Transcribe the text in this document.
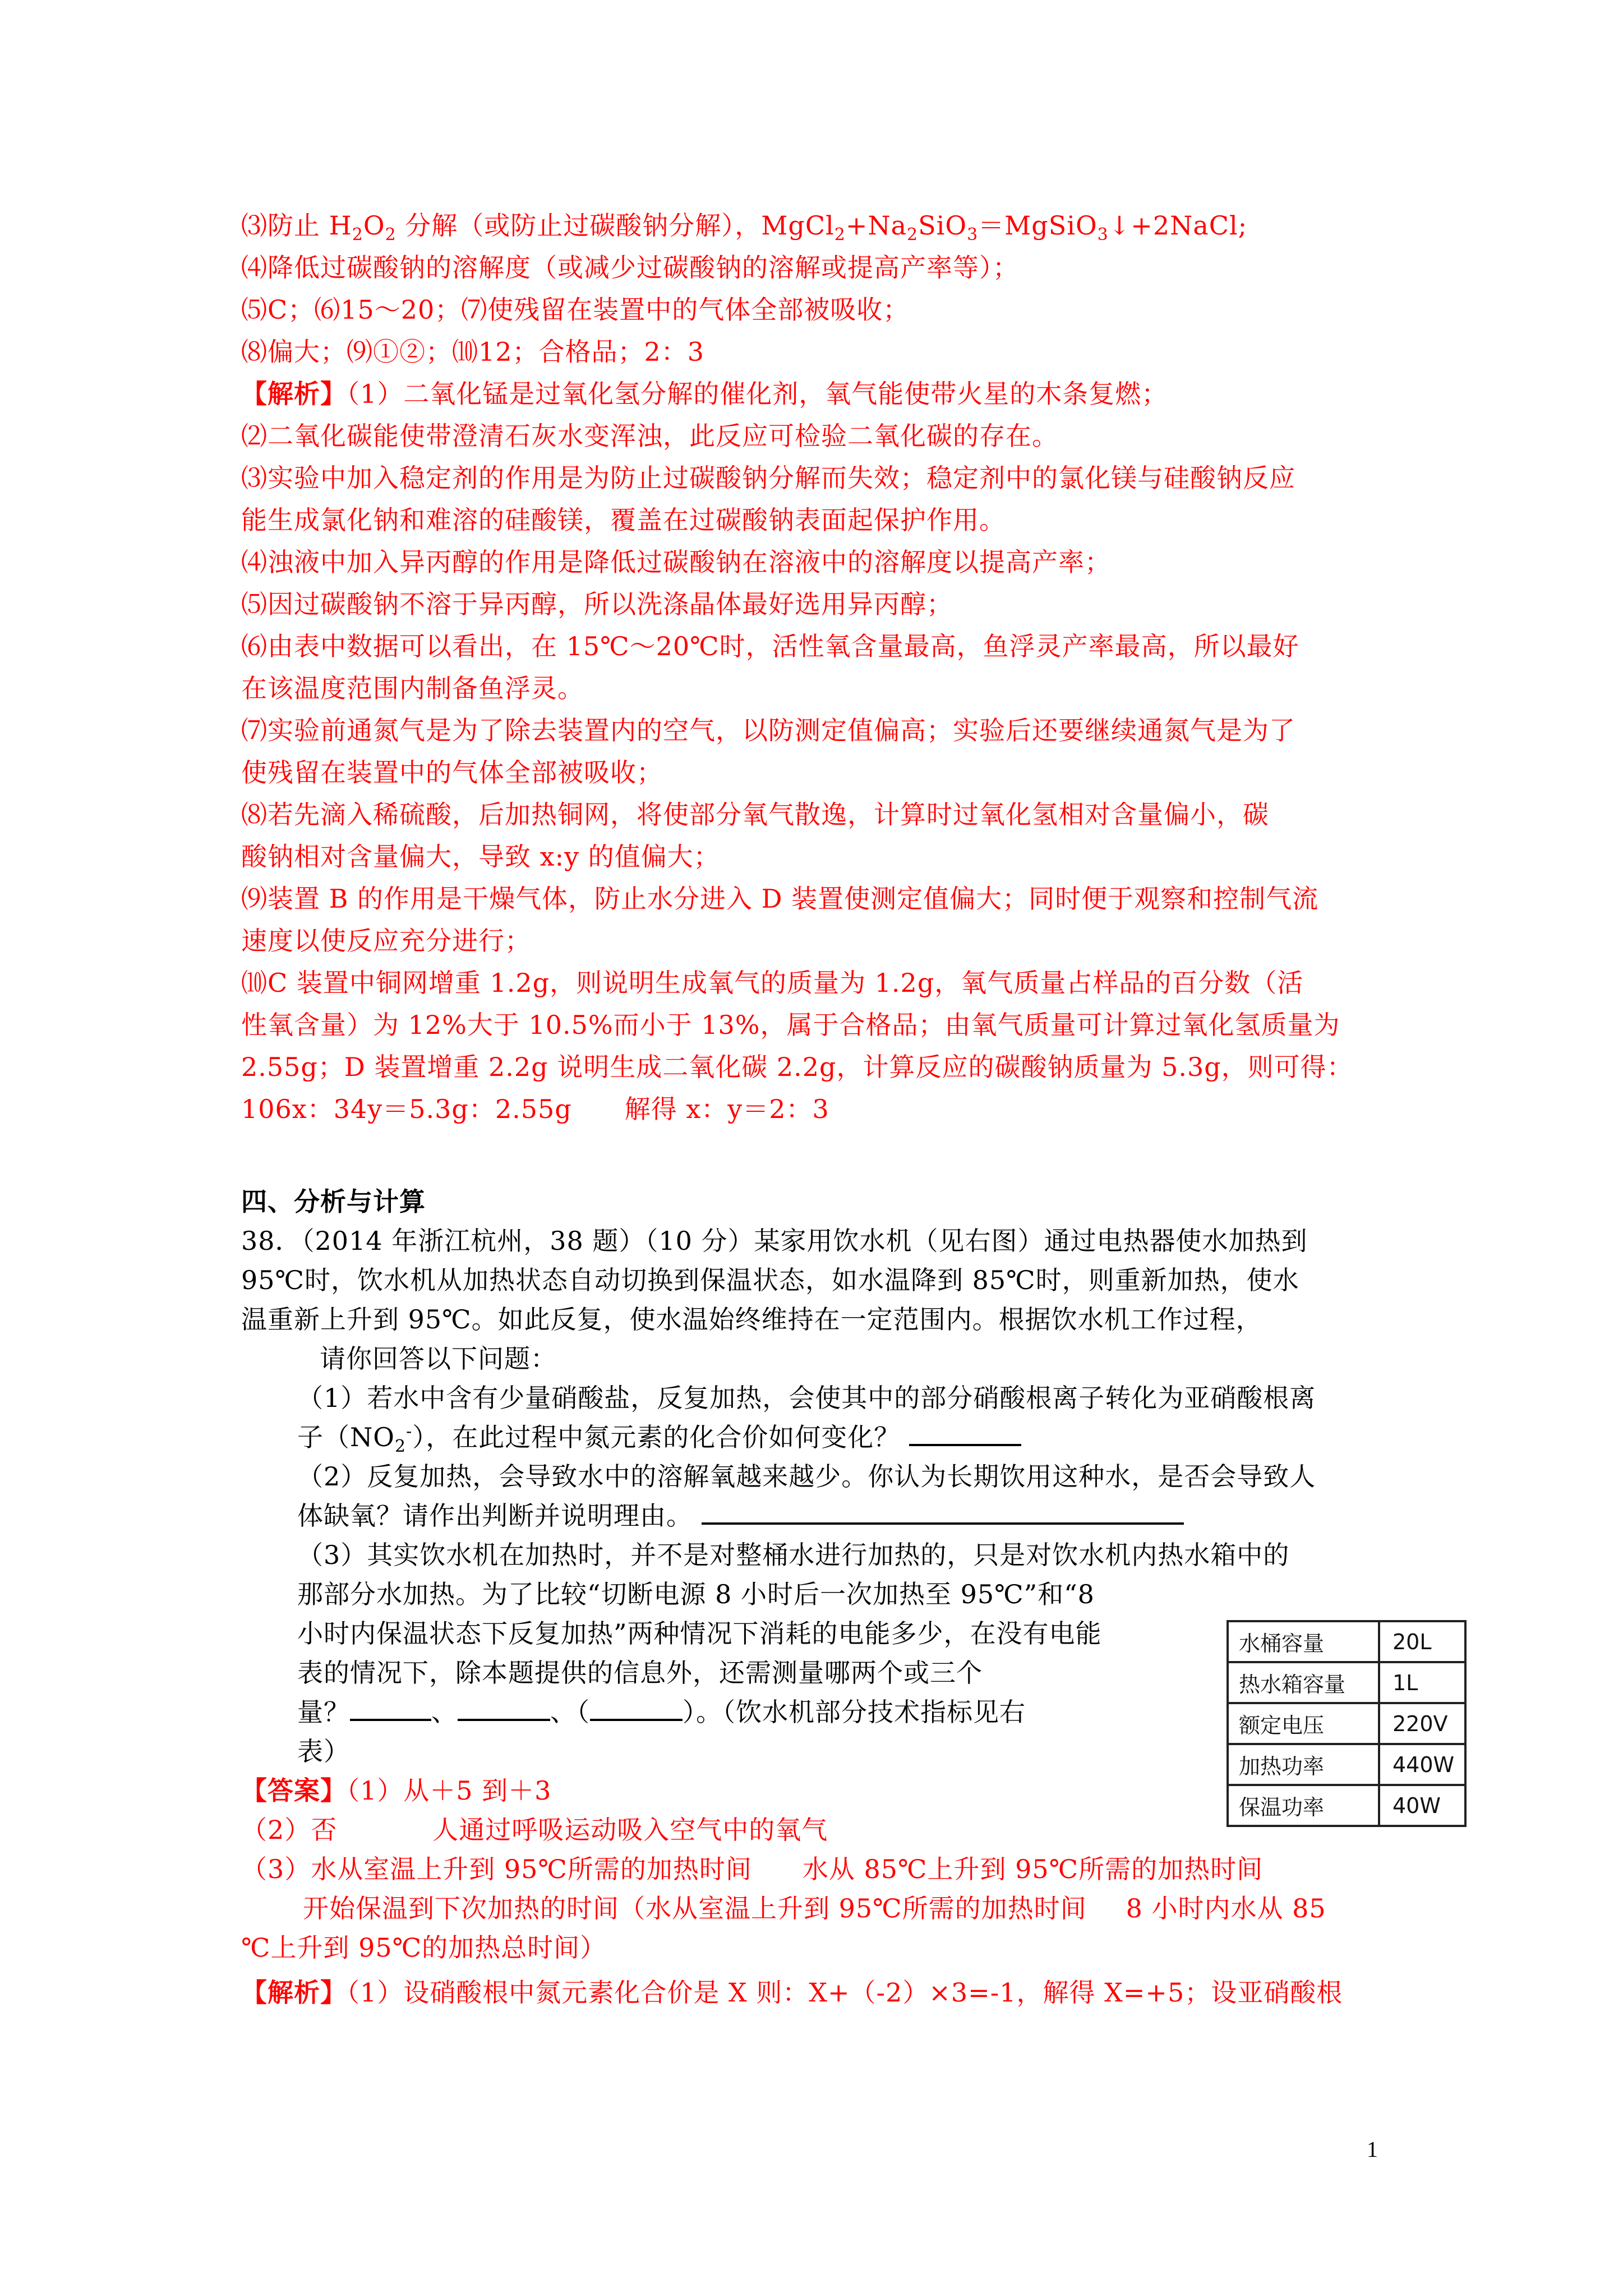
⑶防止 $H_2O_2$ 分解（或防止过碳酸钠分解），$MgCl_2+Na_2SiO_3=MgSiO_3↓+2NaCl$;
⑷降低过碳酸钠的溶解度（或减少过碳酸钠的溶解或提高产率等）；
⑸C；⑹15～20；⑺使残留在装置中的气体全部被吸收；
⑻偏大；⑼①②；⑽12；合格品；2：3
【解析】（1）二氧化锰是过氧化氢分解的催化剂，氧气能使带火星的木条复燃；
⑵二氧化碳能使带澄清石灰水变浑浊，此反应可检验二氧化碳的存在。
⑶实验中加入稳定剂的作用是为防止过碳酸钠分解而失效；稳定剂中的氯化镁与硅酸钠反应
能生成氯化钠和难溶的硅酸镁，覆盖在过碳酸钠表面起保护作用。
⑷浊液中加入异丙醇的作用是降低过碳酸钠在溶液中的溶解度以提高产率；
⑸因过碳酸钠不溶于异丙醇，所以洗涤晶体最好选用异丙醇；
⑹由表中数据可以看出，在 15℃～20℃时，活性氧含量最高，鱼浮灵产率最高，所以最好
在该温度范围内制备鱼浮灵。
⑺实验前通氮气是为了除去装置内的空气，以防测定值偏高；实验后还要继续通氮气是为了
使残留在装置中的气体全部被吸收；
⑻若先滴入稀硫酸，后加热铜网，将使部分氧气散逸，计算时过氧化氢相对含量偏小，碳
酸钠相对含量偏大，导致 x:y 的值偏大；
⑼装置 B 的作用是干燥气体，防止水分进入 D 装置使测定值偏大；同时便于观察和控制气流
速度以使反应充分进行；
⑽C 装置中铜网增重 1.2g，则说明生成氧气的质量为 1.2g，氧气质量占样品的百分数（活
性氧含量）为 12%大于 10.5%而小于 13%，属于合格品；由氧气质量可计算过氧化氢质量为
2.55g；D 装置增重 2.2g 说明生成二氧化碳 2.2g，计算反应的碳酸钠质量为 5.3g，则可得：
106x：34y＝5.3g：2.55g　　解得 x：y＝2：3
四、分析与计算
38．（2014 年浙江杭州，38 题）（10 分）某家用饮水机（见右图）通过电热器使水加热到
95℃时，饮水机从加热状态自动切换到保温状态，如水温降到 85℃时，则重新加热，使水
温重新上升到 95℃。如此反复，使水温始终维持在一定范围内。根据饮水机工作过程，
请你回答以下问题：
（1）若水中含有少量硝酸盐，反复加热，会使其中的部分硝酸根离子转化为亚硝酸根离
子$(NO_2^-)$，在此过程中氮元素的化合价如何变化？
（2）反复加热，会导致水中的溶解氧越来越少。你认为长期饮用这种水，是否会导致人
体缺氧？请作出判断并说明理由。
（3）其实饮水机在加热时，并不是对整桶水进行加热的，只是对饮水机内热水箱中的
那部分水加热。为了比较“切断电源 8 小时后一次加热至 95℃”和“8
小时内保温状态下反复加热”两种情况下消耗的电能多少，在没有电能
表的情况下，除本题提供的信息外，还需测量哪两个或三个
量？	、	、（	）。（饮水机部分技术指标见右
表）
水桶容量	20L
热水箱容量	1L
额定电压	220V
加热功率	440W
保温功率	40W
【答案】（1）从＋5 到＋3
（2）否	人通过呼吸运动吸入空气中的氧气
（3）水从室温上升到 95℃所需的加热时间 水从 85℃上升到 95℃所需的加热时间
开始保温到下次加热的时间（水从室温上升到 95℃所需的加热时间 8 小时内水从 85
℃上升到 95℃的加热总时间）
【解析】（1）设硝酸根中氮元素化合价是 X 则：X+（-2）×3=-1，解得 X=+5；设亚硝酸根
1
